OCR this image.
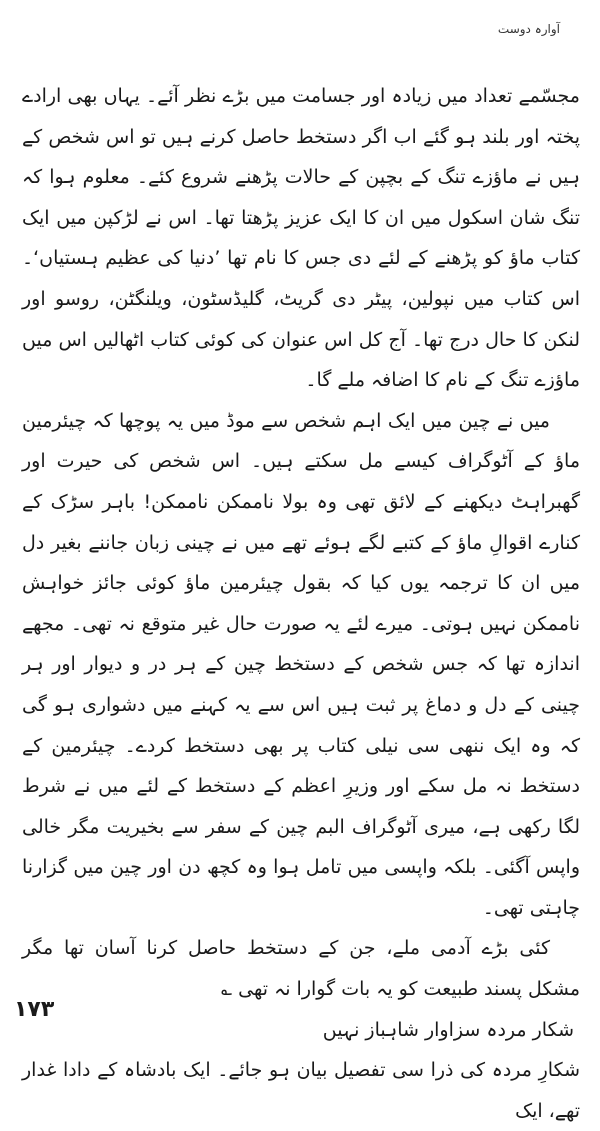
آوارہ دوست

مجسّمے تعداد میں زیادہ اور جسامت میں بڑے نظر آئے۔ یہاں بھی ارادے پختہ اور بلند ہو گئے اب اگر دستخط حاصل کرنے ہیں تو اس شخص کے ہیں نے ماؤزے تنگ کے بچپن کے حالات پڑھنے شروع کئے۔ معلوم ہوا کہ تنگ شان اسکول میں ان کا ایک عزیز پڑھتا تھا۔ اس نے لڑکپن میں ایک کتاب ماؤ کو پڑھنے کے لئے دی جس کا نام تھا ’دنیا کی عظیم ہستیاں‘۔ اس کتاب میں نپولین، پیٹر دی گریٹ، گلیڈسٹون، ویلنگٹن، روسو اور لنکن کا حال درج تھا۔ آج کل اس عنوان کی کوئی کتاب اٹھالیں اس میں ماؤزے تنگ کے نام کا اضافہ ملے گا۔

میں نے چین میں ایک اہم شخص سے موڈ میں یہ پوچھا کہ چیئرمین ماؤ کے آٹوگراف کیسے مل سکتے ہیں۔ اس شخص کی حیرت اور گھبراہٹ دیکھنے کے لائق تھی وہ بولا ناممکن ناممکن! باہر سڑک کے کنارے اقوالِ ماؤ کے کتبے لگے ہوئے تھے میں نے چینی زبان جاننے بغیر دل میں ان کا ترجمہ یوں کیا کہ بقول چیئرمین ماؤ کوئی جائز خواہش ناممکن نہیں ہوتی۔ میرے لئے یہ صورت حال غیر متوقع نہ تھی۔ مجھے اندازہ تھا کہ جس شخص کے دستخط چین کے ہر در و دیوار اور ہر چینی کے دل و دماغ پر ثبت ہیں اس سے یہ کہنے میں دشواری ہو گی کہ وہ ایک ننھی سی نیلی کتاب پر بھی دستخط کردے۔ چیئرمین کے دستخط نہ مل سکے اور وزیرِ اعظم کے دستخط کے لئے میں نے شرط لگا رکھی ہے، میری آٹوگراف البم چین کے سفر سے بخیریت مگر خالی واپس آگئی۔ بلکہ واپسی میں تامل ہوا وہ کچھ دن اور چین میں گزارنا چاہتی تھی۔

کئی بڑے آدمی ملے، جن کے دستخط حاصل کرنا آسان تھا مگر مشکل پسند طبیعت کو یہ بات گوارا نہ تھی ؎

شکار مردہ سزاوار شاہباز نہیں

شکارِ مردہ کی ذرا سی تفصیل بیان ہو جائے۔ ایک بادشاہ کے دادا غدار تھے، ایک

۱۷۳
